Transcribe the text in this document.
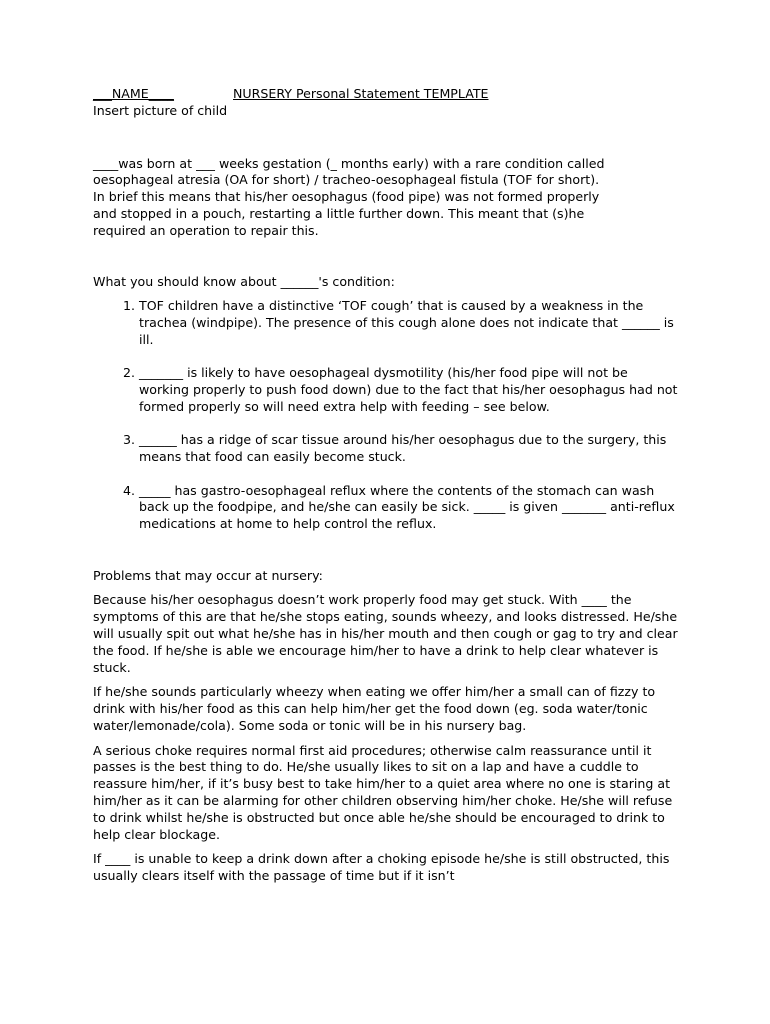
___NAME____	NURSERY Personal Statement TEMPLATE

Insert picture of child

____was born at ___ weeks gestation (_ months early) with a rare condition called
oesophageal atresia (OA for short) / tracheo-oesophageal fistula (TOF for short).
In brief this means that his/her oesophagus (food pipe) was not formed properly
and stopped in a pouch, restarting a little further down. This meant that (s)he
required an operation to repair this.

What you should know about ______'s condition:

1. TOF children have a distinctive ‘TOF cough’ that is caused by a weakness in the trachea (windpipe). The presence of this cough alone does not indicate that ______ is ill.
2. _______ is likely to have oesophageal dysmotility (his/her food pipe will not be working properly to push food down) due to the fact that his/her oesophagus had not formed properly so will need extra help with feeding – see below.
3. ______ has a ridge of scar tissue around his/her oesophagus due to the surgery, this means that food can easily become stuck.
4. _____ has gastro-oesophageal reflux where the contents of the stomach can wash back up the foodpipe, and he/she can easily be sick. _____ is given _______ anti-reflux medications at home to help control the reflux.

Problems that may occur at nursery:

Because his/her oesophagus doesn’t work properly food may get stuck. With ____ the symptoms of this are that he/she stops eating, sounds wheezy, and looks distressed. He/she will usually spit out what he/she has in his/her mouth and then cough or gag to try and clear the food. If he/she is able we encourage him/her to have a drink to help clear whatever is stuck.

If he/she sounds particularly wheezy when eating we offer him/her a small can of fizzy to drink with his/her food as this can help him/her get the food down (eg. soda water/tonic water/lemonade/cola). Some soda or tonic will be in his nursery bag.

A serious choke requires normal first aid procedures; otherwise calm reassurance until it passes is the best thing to do. He/she usually likes to sit on a lap and have a cuddle to reassure him/her, if it’s busy best to take him/her to a quiet area where no one is staring at him/her as it can be alarming for other children observing him/her choke. He/she will refuse to drink whilst he/she is obstructed but once able he/she should be encouraged to drink to help clear blockage.

If ____ is unable to keep a drink down after a choking episode he/she is still obstructed, this usually clears itself with the passage of time but if it isn’t
